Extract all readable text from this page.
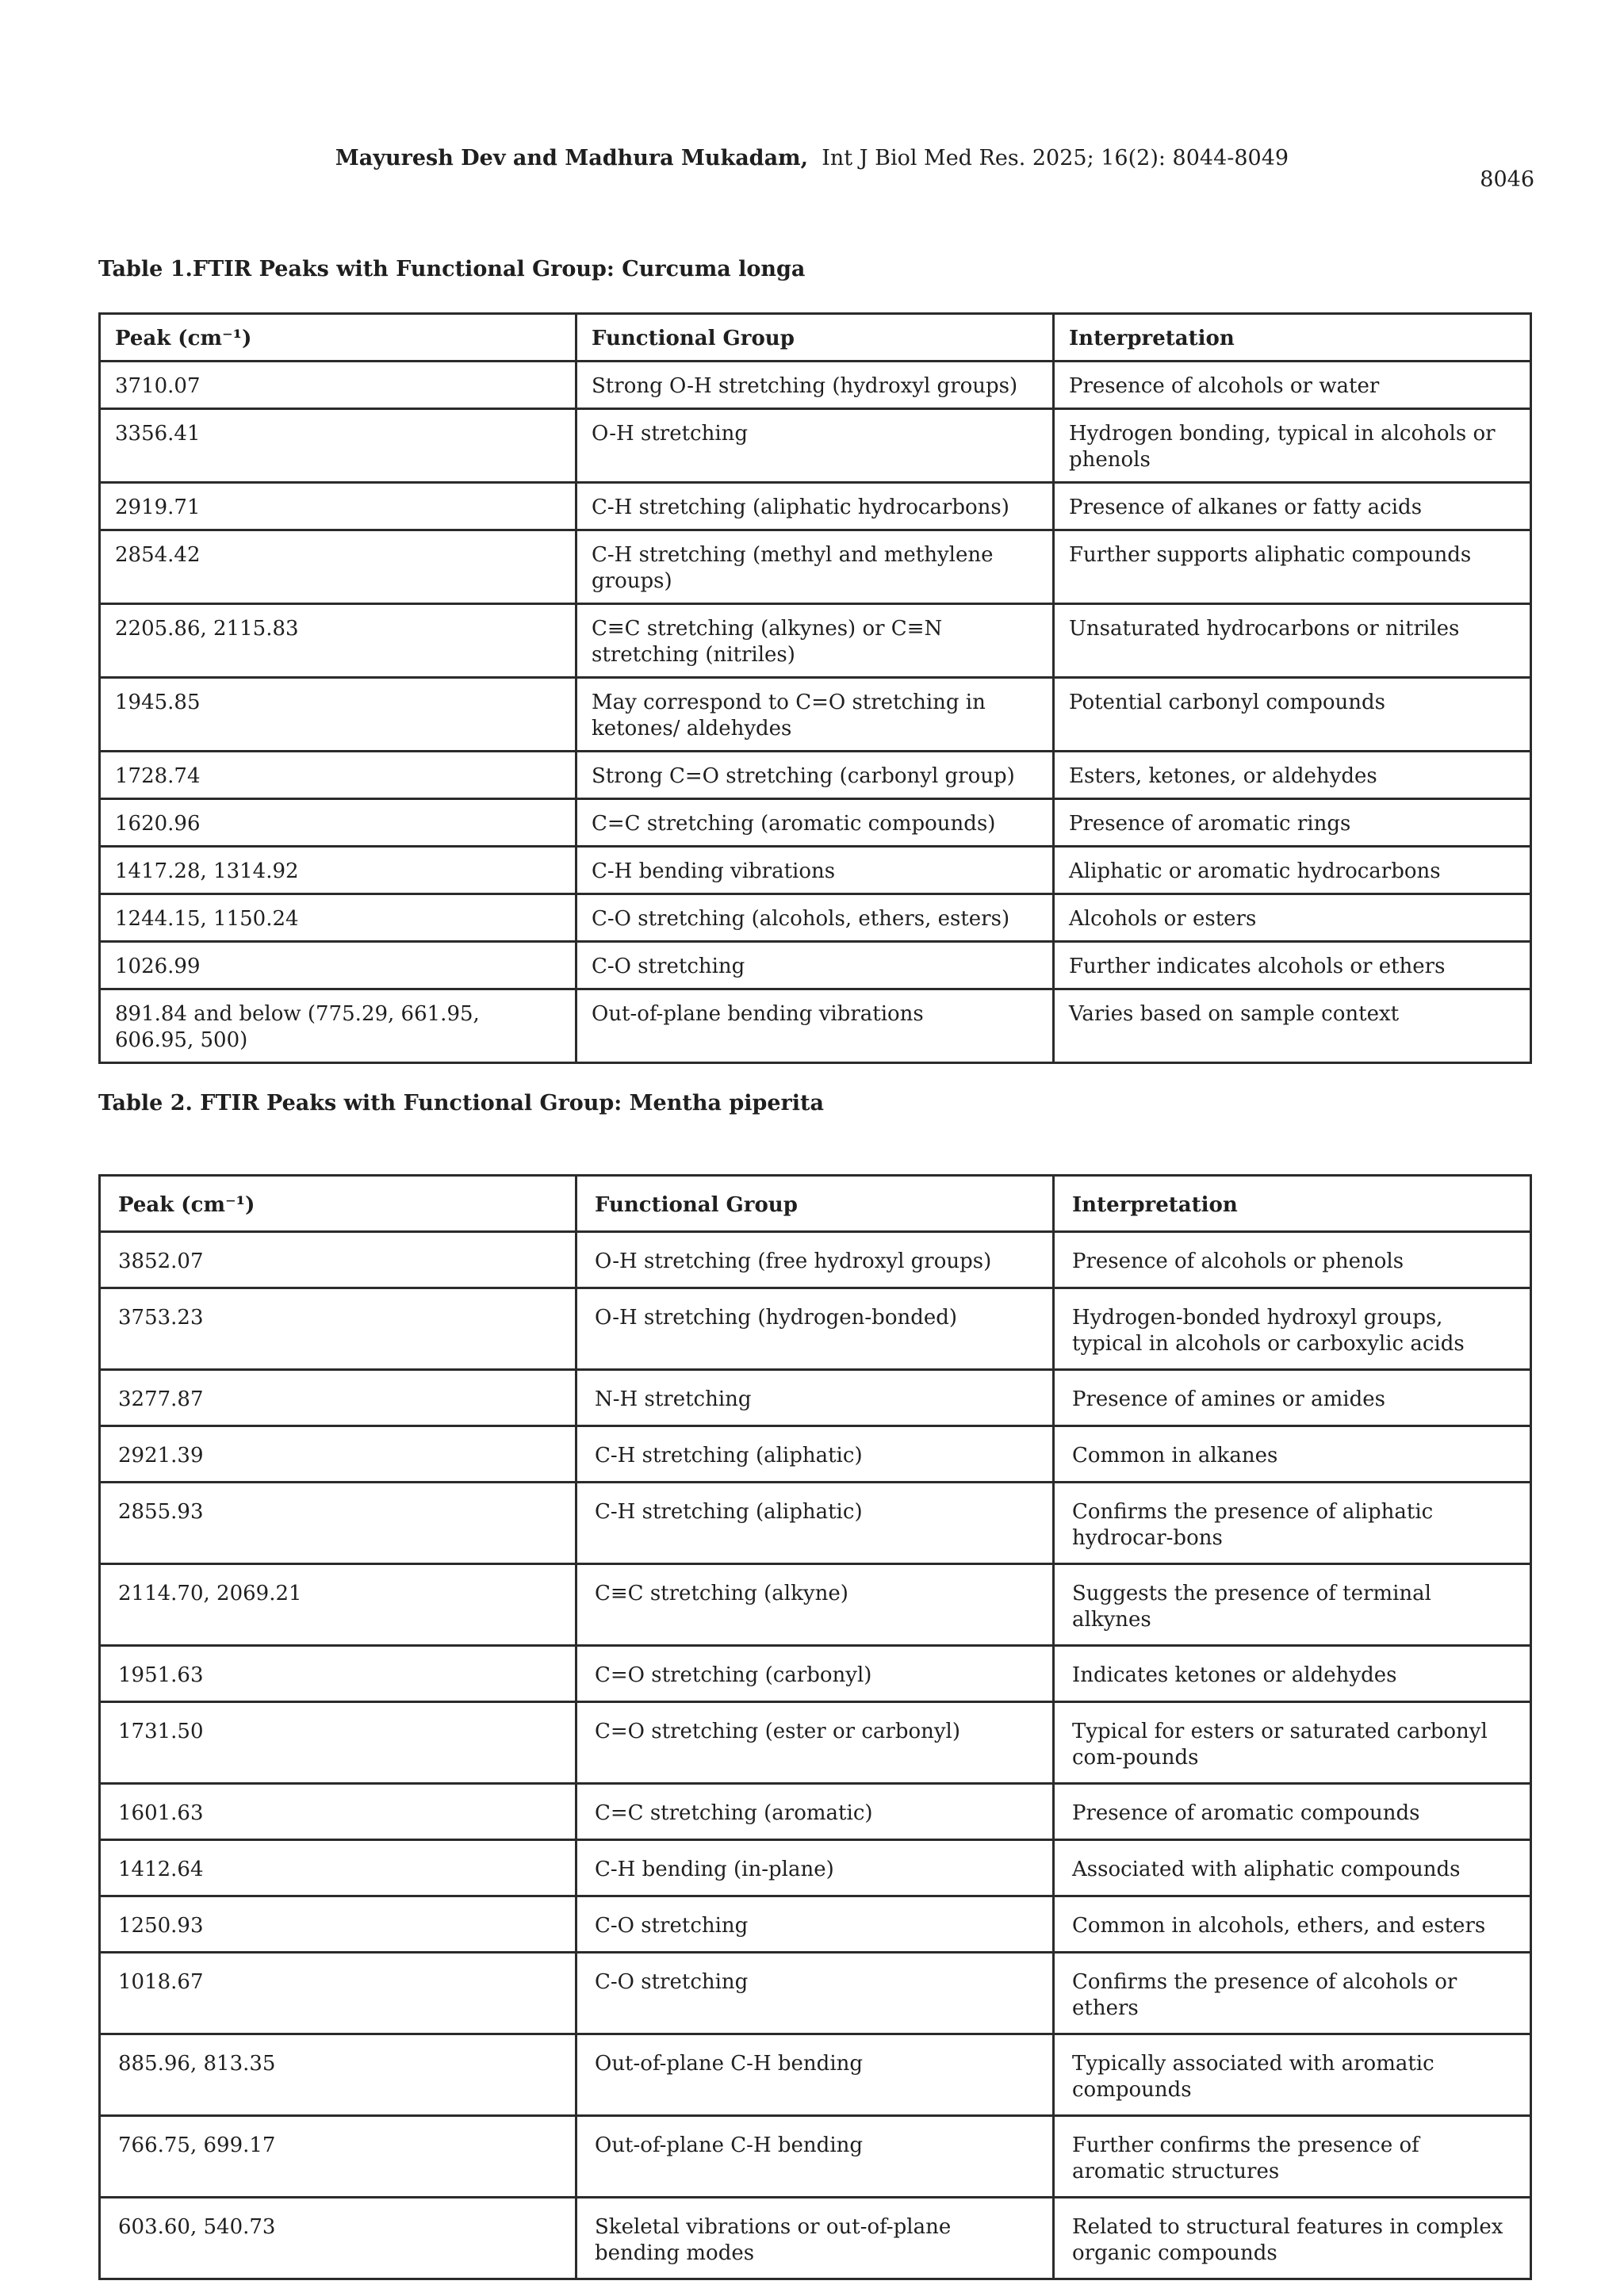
Mayuresh Dev and Madhura Mukadam, Int J Biol Med Res. 2025; 16(2): 8044-8049
8046
Table 1.FTIR Peaks with Functional Group: Curcuma longa
Peak (cm⁻¹)	Functional Group	Interpretation
3710.07	Strong O-H stretching (hydroxyl groups)	Presence of alcohols or water
3356.41	O-H stretching	Hydrogen bonding, typical in alcohols or phenols
2919.71	C-H stretching (aliphatic hydrocarbons)	Presence of alkanes or fatty acids
2854.42	C-H stretching (methyl and methylene groups)	Further supports aliphatic compounds
2205.86, 2115.83	C≡C stretching (alkynes) or C≡N stretching (nitriles)	Unsaturated hydrocarbons or nitriles
1945.85	May correspond to C=O stretching in ketones/ aldehydes	Potential carbonyl compounds
1728.74	Strong C=O stretching (carbonyl group)	Esters, ketones, or aldehydes
1620.96	C=C stretching (aromatic compounds)	Presence of aromatic rings
1417.28, 1314.92	C-H bending vibrations	Aliphatic or aromatic hydrocarbons
1244.15, 1150.24	C-O stretching (alcohols, ethers, esters)	Alcohols or esters
1026.99	C-O stretching	Further indicates alcohols or ethers
891.84 and below (775.29, 661.95, 606.95, 500)	Out-of-plane bending vibrations	Varies based on sample context
Table 2. FTIR Peaks with Functional Group: Mentha piperita
Peak (cm⁻¹)	Functional Group	Interpretation
3852.07	O-H stretching (free hydroxyl groups)	Presence of alcohols or phenols
3753.23	O-H stretching (hydrogen-bonded)	Hydrogen-bonded hydroxyl groups, typical in alcohols or carboxylic acids
3277.87	N-H stretching	Presence of amines or amides
2921.39	C-H stretching (aliphatic)	Common in alkanes
2855.93	C-H stretching (aliphatic)	Confirms the presence of aliphatic hydrocar-bons
2114.70, 2069.21	C≡C stretching (alkyne)	Suggests the presence of terminal alkynes
1951.63	C=O stretching (carbonyl)	Indicates ketones or aldehydes
1731.50	C=O stretching (ester or carbonyl)	Typical for esters or saturated carbonyl com-pounds
1601.63	C=C stretching (aromatic)	Presence of aromatic compounds
1412.64	C-H bending (in-plane)	Associated with aliphatic compounds
1250.93	C-O stretching	Common in alcohols, ethers, and esters
1018.67	C-O stretching	Confirms the presence of alcohols or ethers
885.96, 813.35	Out-of-plane C-H bending	Typically associated with aromatic compounds
766.75, 699.17	Out-of-plane C-H bending	Further confirms the presence of aromatic structures
603.60, 540.73	Skeletal vibrations or out-of-plane bending modes	Related to structural features in complex organic compounds
